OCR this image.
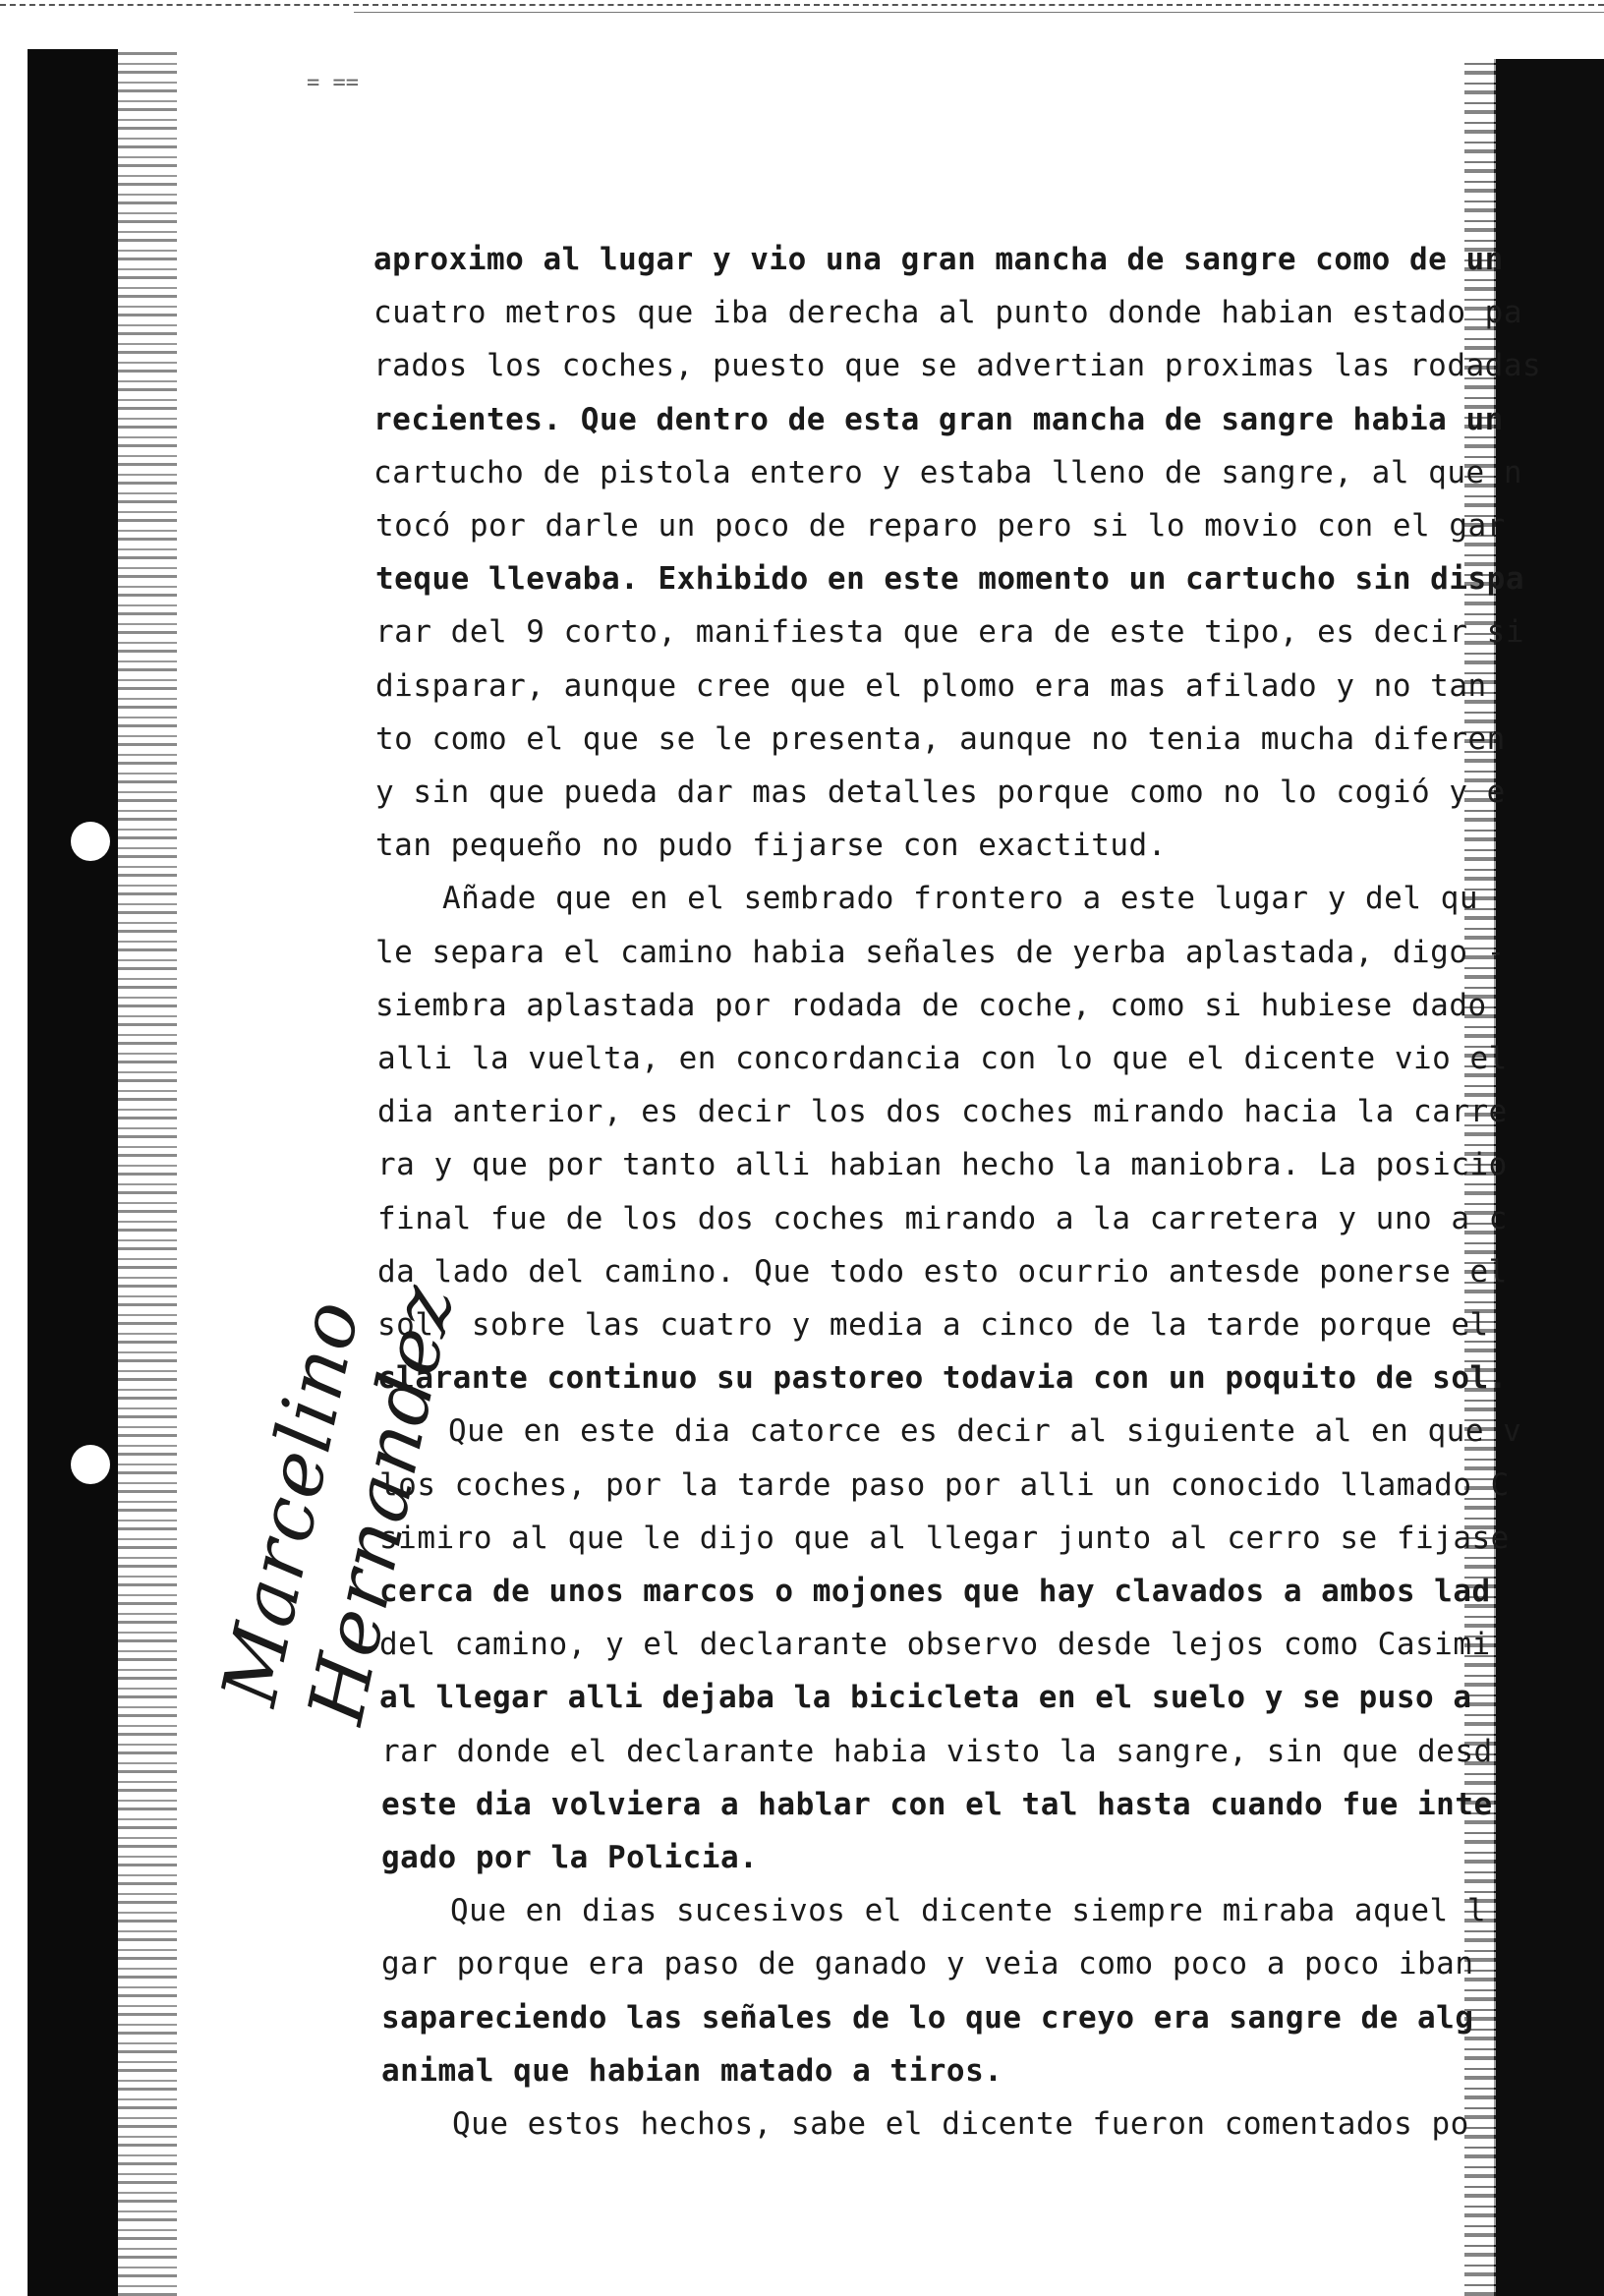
= ==
Marcelino Hernandez
aproximo al lugar y vio una gran mancha de sangre como de un
cuatro metros que iba derecha al punto donde habian estado pa
rados los coches, puesto que se advertian proximas las rodadas
recientes. Que dentro de esta gran mancha de sangre habia un
cartucho de pistola entero y estaba lleno de sangre, al que n
tocó por darle un poco de reparo pero si lo movio con el gar
teque llevaba. Exhibido en este momento un cartucho sin dispa
rar del 9 corto, manifiesta que era de este tipo, es decir si
disparar, aunque cree que el plomo era mas afilado y no tan
to como el que se le presenta, aunque no tenia mucha diferen
y sin que pueda dar mas detalles porque como no lo cogió y e
tan pequeño no pudo fijarse con exactitud.
Añade que en el sembrado frontero a este lugar y del qu
le separa el camino habia señales de yerba aplastada, digo -
siembra aplastada por rodada de coche, como si hubiese dado
alli la vuelta, en concordancia con lo que el dicente vio el
dia anterior, es decir los dos coches mirando hacia la carre
ra y que por tanto alli habian hecho la maniobra. La posicio
final fue de los dos coches mirando a la carretera y uno a c
da lado del camino. Que todo esto ocurrio antesde ponerse el
sol, sobre las cuatro y media a cinco de la tarde porque el
clarante continuo su pastoreo todavia con un poquito de sol.
Que en este dia catorce es decir al siguiente al en que v
los coches, por la tarde paso por alli un conocido llamado C
simiro al que le dijo que al llegar junto al cerro se fijase
cerca de unos marcos o mojones que hay clavados a ambos lad
del camino, y el declarante observo desde lejos como Casimi
al llegar alli dejaba la bicicleta en el suelo y se puso a
rar donde el declarante habia visto la sangre, sin que desd
este dia volviera a hablar con el tal hasta cuando fue inte
gado por la Policia.
Que en dias sucesivos el dicente siempre miraba aquel l
gar porque era paso de ganado y veia como poco a poco iban
sapareciendo las señales de lo que creyo era sangre de alg
animal que habian matado a tiros.
Que estos hechos, sabe el dicente fueron comentados po
